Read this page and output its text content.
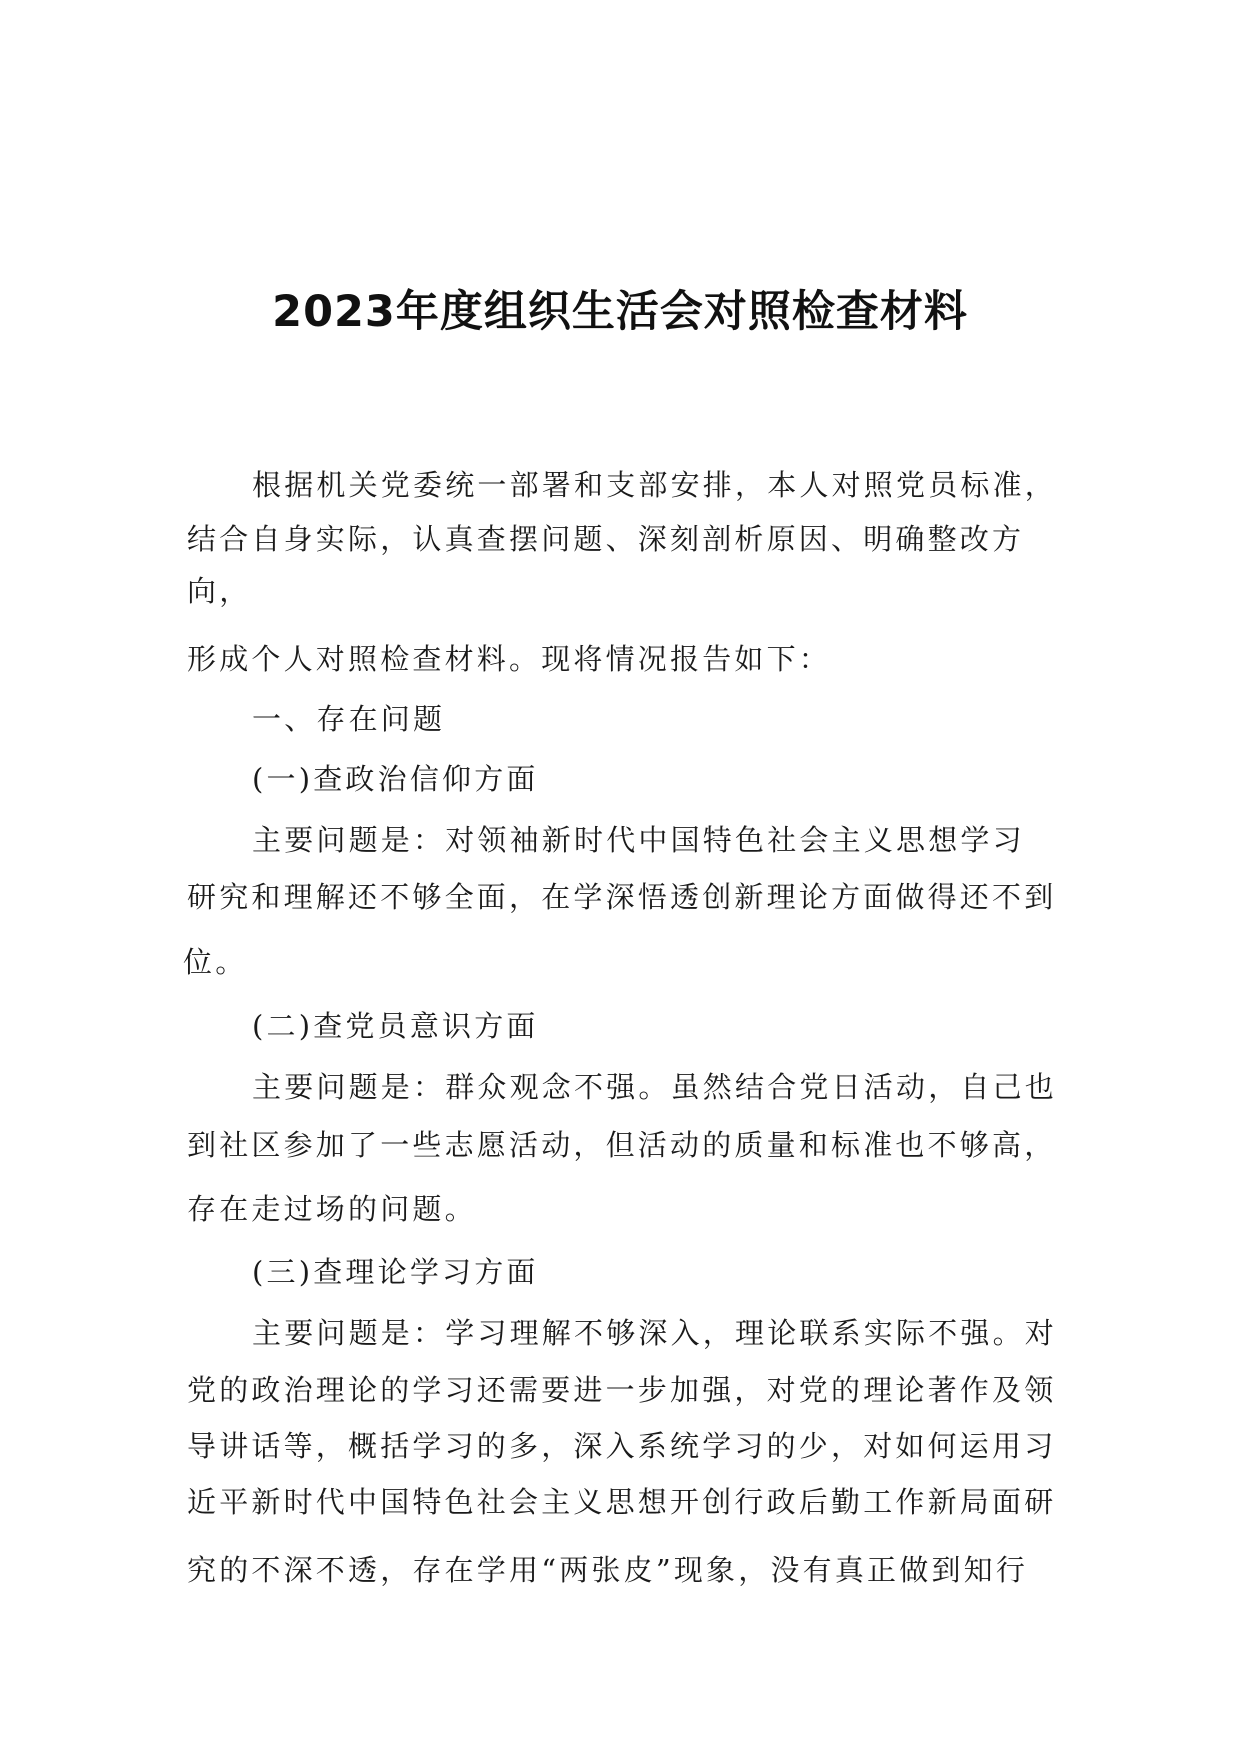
2023年度组织生活会对照检查材料
根据机关党委统一部署和支部安排，本人对照党员标准，
结合自身实际，认真查摆问题、深刻剖析原因、明确整改方
向，
形成个人对照检查材料。现将情况报告如下：
一、存在问题
(一)查政治信仰方面
主要问题是：对领袖新时代中国特色社会主义思想学习
研究和理解还不够全面，在学深悟透创新理论方面做得还不到
位。
(二)查党员意识方面
主要问题是：群众观念不强。虽然结合党日活动，自己也
到社区参加了一些志愿活动，但活动的质量和标准也不够高，
存在走过场的问题。
(三)查理论学习方面
主要问题是：学习理解不够深入，理论联系实际不强。对
党的政治理论的学习还需要进一步加强，对党的理论著作及领
导讲话等，概括学习的多，深入系统学习的少，对如何运用习
近平新时代中国特色社会主义思想开创行政后勤工作新局面研
究的不深不透，存在学用“两张皮”现象，没有真正做到知行
